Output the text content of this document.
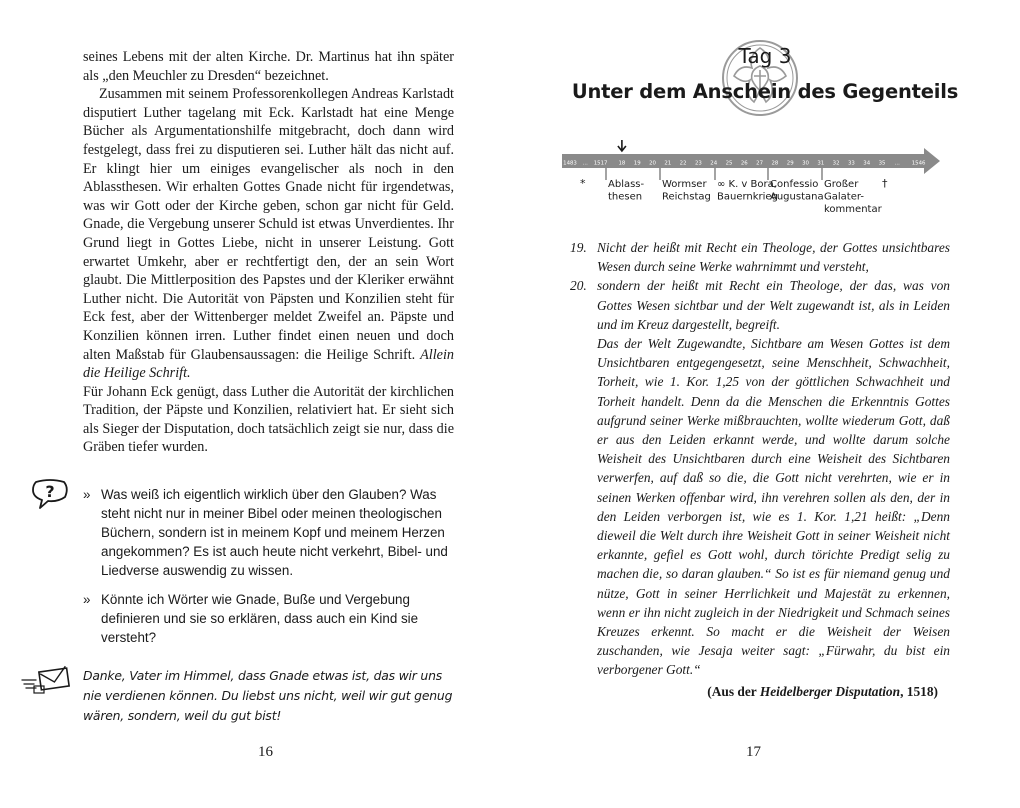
seines Lebens mit der alten Kirche. Dr. Martinus hat ihn später als „den Meuchler zu Dresden“ bezeichnet.

Zusammen mit seinem Professorenkollegen Andreas Karlstadt disputiert Luther tagelang mit Eck. Karlstadt hat eine Menge Bücher als Argumentationshilfe mitgebracht, doch dann wird festgelegt, dass frei zu disputieren sei. Luther hält das nicht auf. Er klingt hier um einiges evangelischer als noch in den Ablassthesen. Wir erhalten Gottes Gnade nicht für irgendetwas, was wir Gott oder der Kirche geben, schon gar nicht für Geld. Gnade, die Vergebung unserer Schuld ist etwas Unverdientes. Ihr Grund liegt in Gottes Liebe, nicht in unserer Leistung. Gott erwartet Umkehr, aber er rechtfertigt den, der an sein Wort glaubt. Die Mittlerposition des Papstes und der Kleriker erwähnt Luther nicht. Die Autorität von Päpsten und Konzilien steht für Eck fest, aber der Wittenberger meldet Zweifel an. Päpste und Konzilien können irren. Luther findet einen neuen und doch alten Maßstab für Glaubensaussagen: die Heilige Schrift. Allein die Heilige Schrift.

Für Johann Eck genügt, dass Luther die Autorität der kirchlichen Tradition, der Päpste und Konzilien, relativiert hat. Er sieht sich als Sieger der Disputation, doch tatsächlich zeigt sie nur, dass die Gräben tiefer wurden.

? » Was weiß ich eigentlich wirklich über den Glauben? Was steht nicht nur in meiner Bibel oder meinen theologischen Büchern, sondern ist in meinem Kopf und meinem Herzen angekommen? Es ist auch heute nicht verkehrt, Bibel- und Liedverse auswendig zu wissen.
» Könnte ich Wörter wie Gnade, Buße und Vergebung definieren und sie so erklären, dass auch ein Kind sie versteht?
Danke, Vater im Himmel, dass Gnade etwas ist, das wir uns nie verdienen können. Du liebst uns nicht, weil wir gut genug wären, sondern, weil du gut bist!
16
Tag 3
Unter dem Anschein des Gegenteils
1483 ... 1517 18 19 20 21 22 23 24 25 26 27 28 29 30 31 32 33 34 35 ... 1546
* Ablass-
thesen
Wormser
Reichstag
∞ K. v Bora,
Bauernkrieg
Confessio
Augustana
Großer
Galater-
kommentar
†
19. Nicht der heißt mit Recht ein Theologe, der Gottes unsichtbares Wesen durch seine Werke wahrnimmt und versteht,
20. sondern der heißt mit Recht ein Theologe, der das, was von Gottes Wesen sichtbar und der Welt zugewandt ist, als in Leiden und im Kreuz dargestellt, begreift.
Das der Welt Zugewandte, Sichtbare am Wesen Gottes ist dem Unsichtbaren entgegengesetzt, seine Menschheit, Schwachheit, Torheit, wie 1. Kor. 1,25 von der göttlichen Schwachheit und Torheit handelt. Denn da die Menschen die Erkenntnis Gottes aufgrund seiner Werke mißbrauchten, wollte wiederum Gott, daß er aus den Leiden erkannt werde, und wollte darum solche Weisheit des Unsichtbaren durch eine Weisheit des Sichtbaren verwerfen, auf daß so die, die Gott nicht verehrten, wie er in seinen Werken offenbar wird, ihn verehren sollen als den, der in den Leiden verborgen ist, wie es 1. Kor. 1,21 heißt: „Denn dieweil die Welt durch ihre Weisheit Gott in seiner Weisheit nicht erkannte, gefiel es Gott wohl, durch törichte Predigt selig zu machen die, so daran glauben.“ So ist es für niemand genug und nütze, Gott in seiner Herrlichkeit und Majestät zu erkennen, wenn er ihn nicht zugleich in der Niedrigkeit und Schmach seines Kreuzes erkennt. So macht er die Weisheit der Weisen zuschanden, wie Jesaja weiter sagt: „Fürwahr, du bist ein verborgener Gott.“
(Aus der Heidelberger Disputation, 1518)
17
